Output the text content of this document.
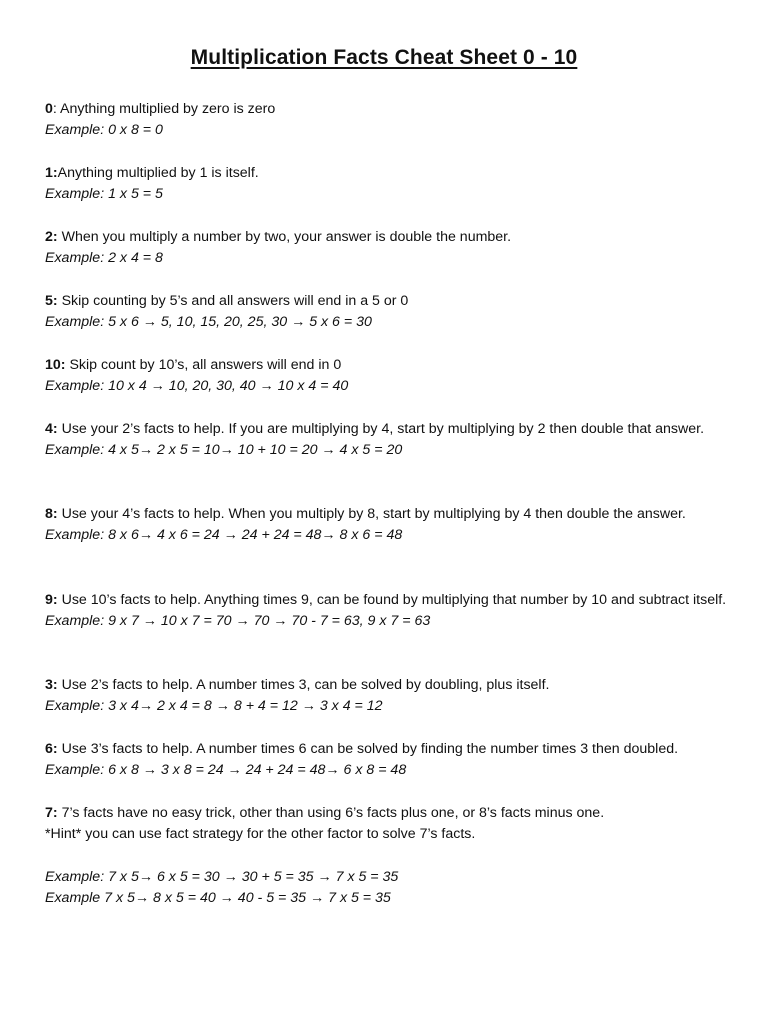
Multiplication Facts Cheat Sheet 0 - 10

0: Anything multiplied by zero is zero

Example: 0 x 8 = 0

1:Anything multiplied by 1 is itself.

Example: 1 x 5 = 5

2: When you multiply a number by two, your answer is double the number.

Example: 2 x 4 = 8

5: Skip counting by 5’s and all answers will end in a 5 or 0

Example: 5 x 6 → 5, 10, 15, 20, 25, 30 → 5 x 6 = 30

10: Skip count by 10’s, all answers will end in 0

Example: 10 x 4 → 10, 20, 30, 40 → 10 x 4 = 40

4: Use your 2’s facts to help. If you are multiplying by 4, start by multiplying by 2 then double that answer.

Example: 4 x 5→ 2 x 5 = 10→ 10 + 10 = 20 → 4 x 5 = 20

8: Use your 4’s facts to help. When you multiply by 8, start by multiplying by 4 then double the answer.

Example: 8 x 6→ 4 x 6 = 24 → 24 + 24 = 48→ 8 x 6 = 48

9: Use 10’s facts to help. Anything times 9, can be found by multiplying that number by 10 and subtract itself.

Example: 9 x 7 → 10 x 7 = 70 → 70 → 70 - 7 = 63, 9 x 7 = 63

3: Use 2’s facts to help. A number times 3, can be solved by doubling, plus itself.

Example: 3 x 4→ 2 x 4 = 8 → 8 + 4 = 12 → 3 x 4 = 12

6: Use 3’s facts to help. A number times 6 can be solved by finding the number times 3 then doubled.

Example: 6 x 8 → 3 x 8 = 24 → 24 + 24 = 48→ 6 x 8 = 48

7: 7’s facts have no easy trick, other than using 6’s facts plus one, or 8’s facts minus one.

*Hint* you can use fact strategy for the other factor to solve 7’s facts.

Example: 7 x 5→ 6 x 5 = 30 → 30 + 5 = 35 → 7 x 5 = 35

Example 7 x 5→ 8 x 5 = 40 → 40 - 5 = 35 → 7 x 5 = 35
